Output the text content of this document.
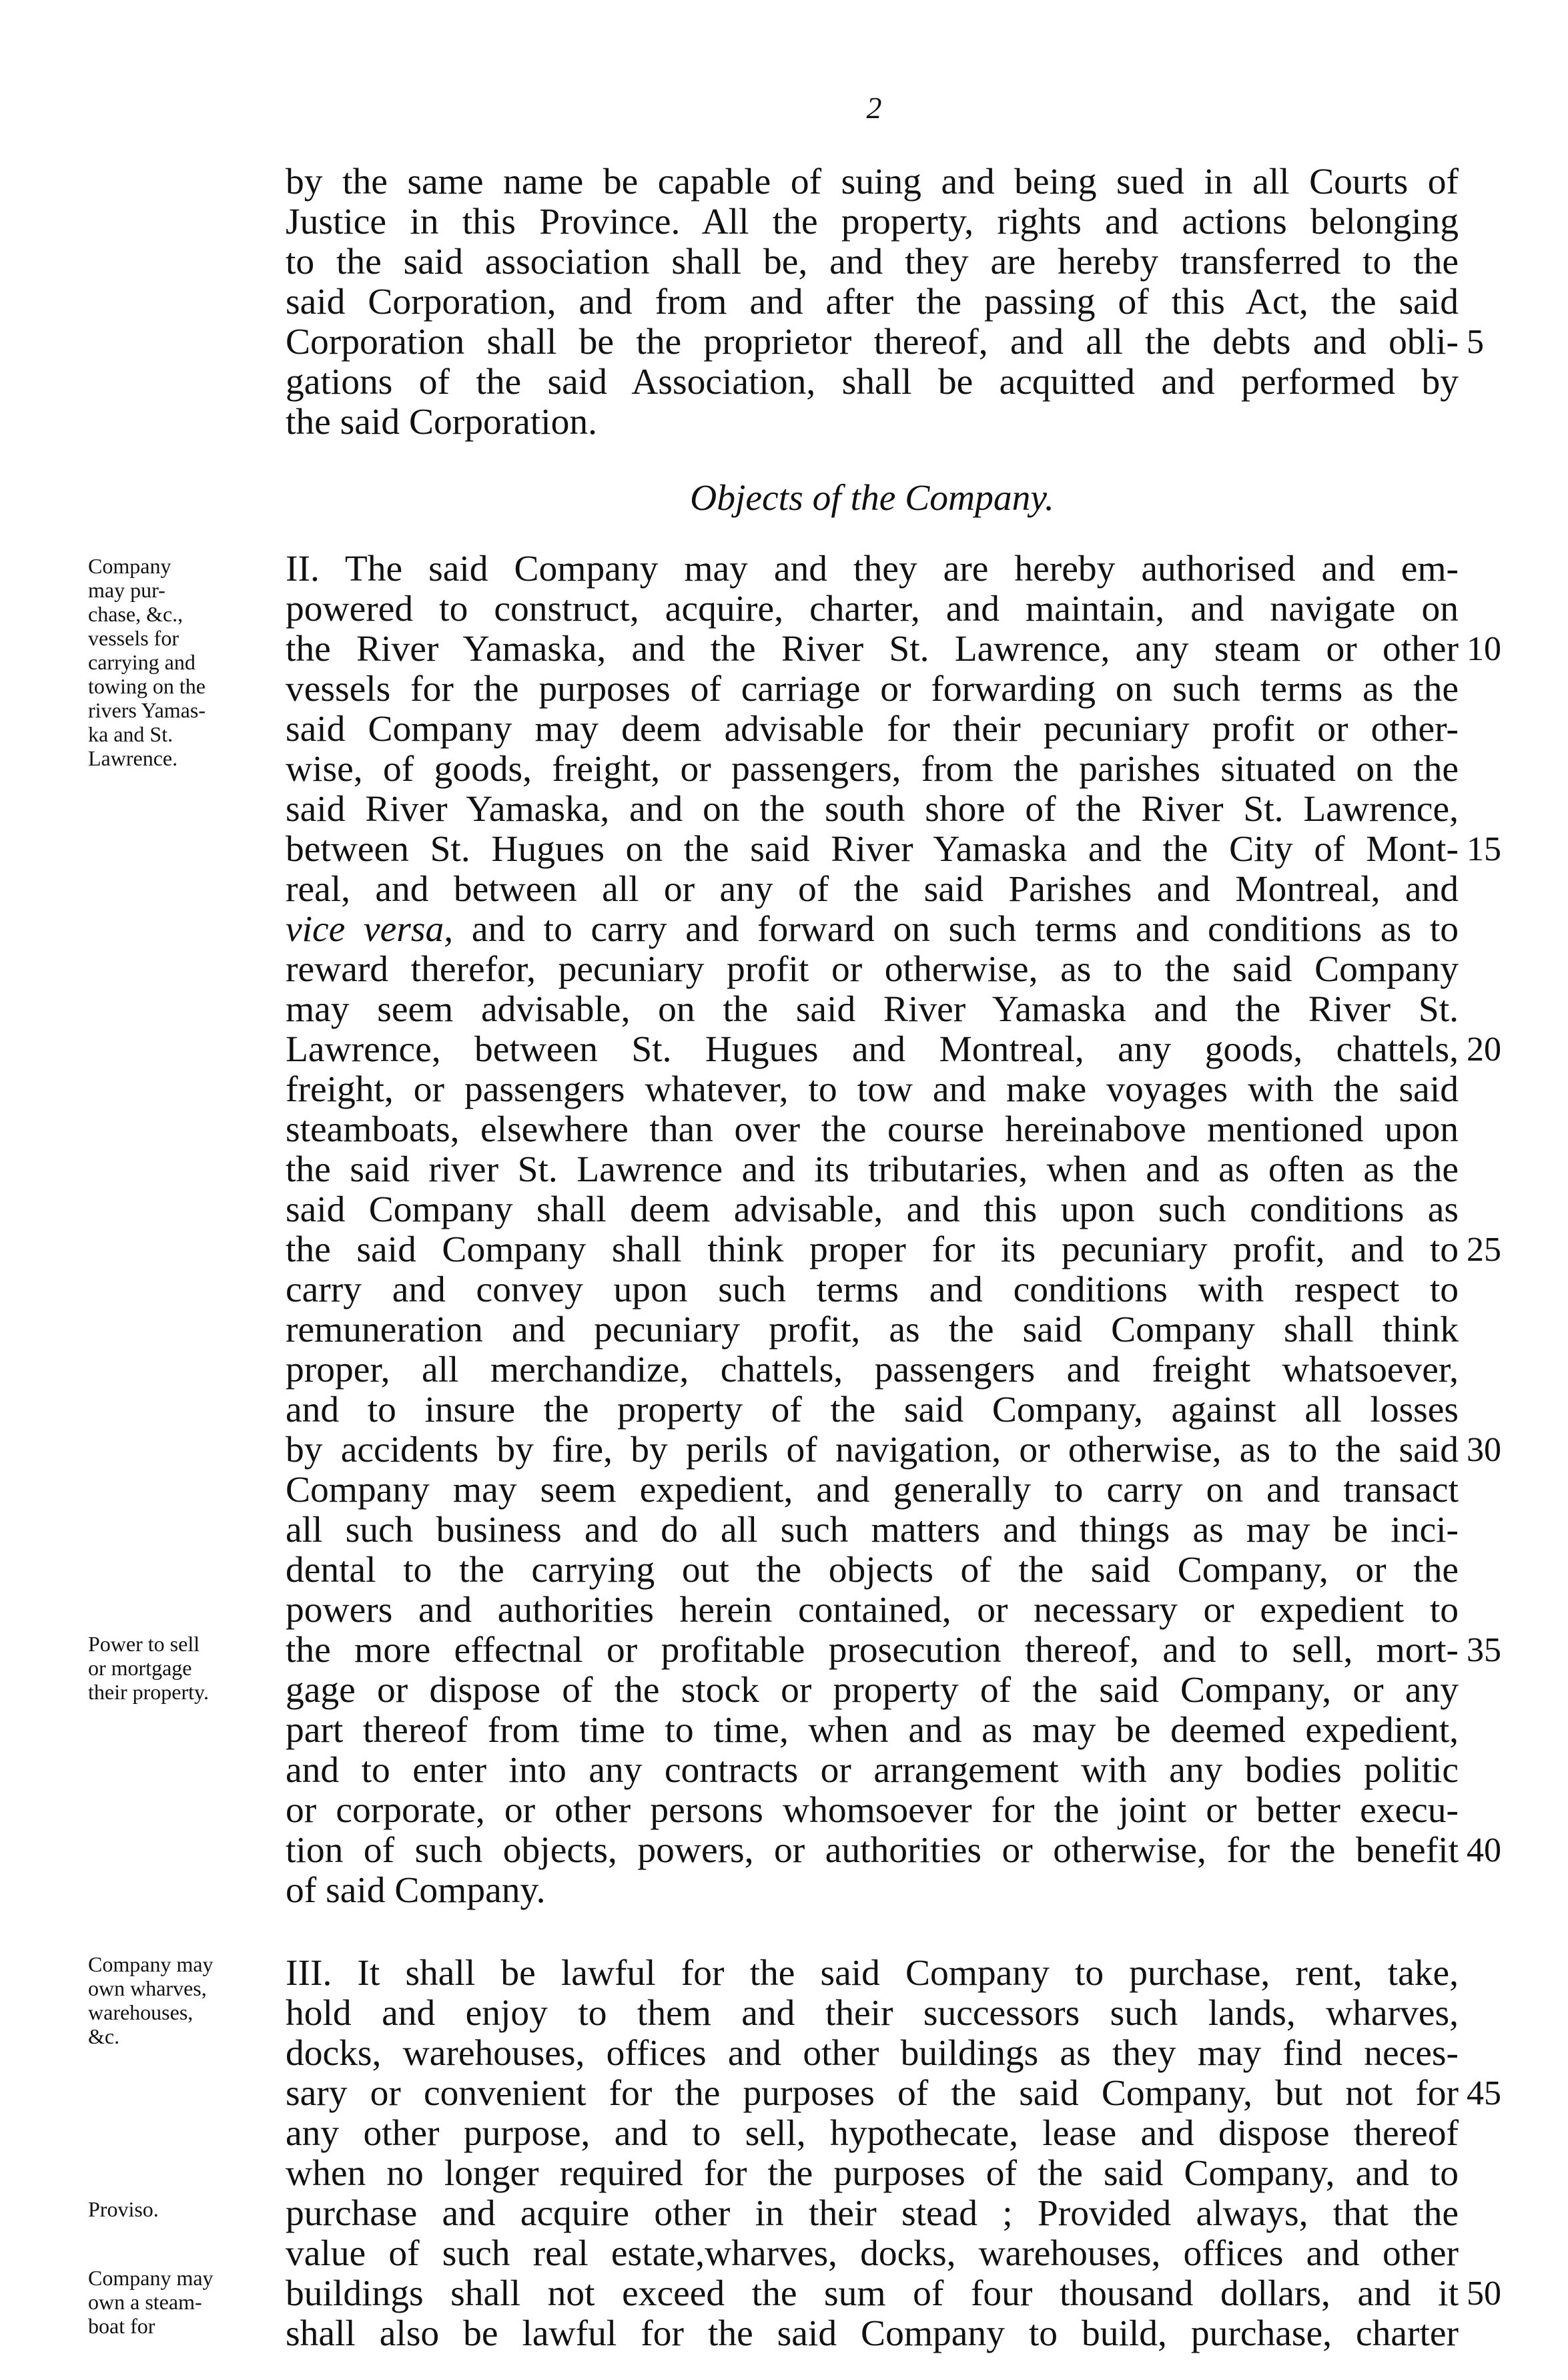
2
by the same name be capable of suing and being sued in all Courts of
Justice in this Province. All the property, rights and actions belonging
to the said association shall be, and they are hereby transferred to the
said Corporation, and from and after the passing of this Act, the said
Corporation shall be the proprietor thereof, and all the debts and obli- 5
gations of the said Association, shall be acquitted and performed by
the said Corporation.
Objects of the Company.
II. The said Company may and they are hereby authorised and em-
powered to construct, acquire, charter, and maintain, and navigate on
the River Yamaska, and the River St. Lawrence, any steam or other 10
vessels for the purposes of carriage or forwarding on such terms as the
said Company may deem advisable for their pecuniary profit or other-
wise, of goods, freight, or passengers, from the parishes situated on the
said River Yamaska, and on the south shore of the River St. Lawrence,
between St. Hugues on the said River Yamaska and the City of Mont- 15
real, and between all or any of the said Parishes and Montreal, and
vice versa, and to carry and forward on such terms and conditions as to
reward therefor, pecuniary profit or otherwise, as to the said Company
may seem advisable, on the said River Yamaska and the River St.
Lawrence, between St. Hugues and Montreal, any goods, chattels, 20
freight, or passengers whatever, to tow and make voyages with the said
steamboats, elsewhere than over the course hereinabove mentioned upon
the said river St. Lawrence and its tributaries, when and as often as the
said Company shall deem advisable, and this upon such conditions as
the said Company shall think proper for its pecuniary profit, and to 25
carry and convey upon such terms and conditions with respect to
remuneration and pecuniary profit, as the said Company shall think
proper, all merchandize, chattels, passengers and freight whatsoever,
and to insure the property of the said Company, against all losses
by accidents by fire, by perils of navigation, or otherwise, as to the said 30
Company may seem expedient, and generally to carry on and transact
all such business and do all such matters and things as may be inci-
dental to the carrying out the objects of the said Company, or the
powers and authorities herein contained, or necessary or expedient to
the more effectnal or profitable prosecution thereof, and to sell, mort- 35
gage or dispose of the stock or property of the said Company, or any
part thereof from time to time, when and as may be deemed expedient,
and to enter into any contracts or arrangement with any bodies politic
or corporate, or other persons whomsoever for the joint or better execu-
tion of such objects, powers, or authorities or otherwise, for the benefit 40
of said Company.
III. It shall be lawful for the said Company to purchase, rent, take,
hold and enjoy to them and their successors such lands, wharves,
docks, warehouses, offices and other buildings as they may find neces-
sary or convenient for the purposes of the said Company, but not for 45
any other purpose, and to sell, hypothecate, lease and dispose thereof
when no longer required for the purposes of the said Company, and to
purchase and acquire other in their stead ; Provided always, that the
value of such real estate,wharves, docks, warehouses, offices and other
buildings shall not exceed the sum of four thousand dollars, and it 50
shall also be lawful for the said Company to build, purchase, charter
Company
may pur-
chase, &c.,
vessels for
carrying and
towing on the
rivers Yamas-
ka and St.
Lawrence.
Power to sell
or mortgage
their property.
Company may
own wharves,
warehouses,
&c.
Proviso.
Company may
own a steam-
boat for
